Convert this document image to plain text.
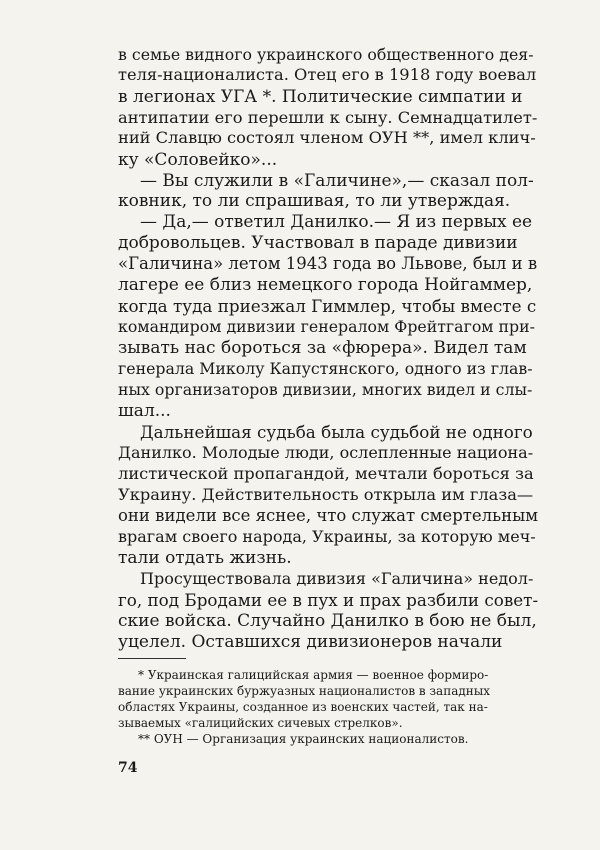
в семье видного украинского общественного дея-
теля-националиста. Отец его в 1918 году воевал
в легионах УГА *. Политические симпатии и
антипатии его перешли к сыну. Семнадцатилет-
ний Славцю состоял членом ОУН **, имел клич-
ку «Соловейко»...
— Вы служили в «Галичине»,— сказал пол-
ковник, то ли спрашивая, то ли утверждая.
— Да,— ответил Данилко.— Я из первых ее
добровольцев. Участвовал в параде дивизии
«Галичина» летом 1943 года во Львове, был и в
лагере ее близ немецкого города Нойгаммер,
когда туда приезжал Гиммлер, чтобы вместе с
командиром дивизии генералом Фрейтгагом при-
зывать нас бороться за «фюрера». Видел там
генерала Миколу Капустянского, одного из глав-
ных организаторов дивизии, многих видел и слы-
шал...
Дальнейшая судьба была судьбой не одного
Данилко. Молодые люди, ослепленные национа-
листической пропагандой, мечтали бороться за
Украину. Действительность открыла им глаза—
они видели все яснее, что служат смертельным
врагам своего народа, Украины, за которую меч-
тали отдать жизнь.
Просуществовала дивизия «Галичина» недол-
го, под Бродами ее в пух и прах разбили совет-
ские войска. Случайно Данилко в бою не был,
уцелел. Оставшихся дивизионеров начали
* Украинская галицийская армия — военное формиро-
вание украинских буржуазных националистов в западных
областях Украины, созданное из военских частей, так на-
зываемых «галицийских сичевых стрелков».
** ОУН — Организация украинских националистов.
74
